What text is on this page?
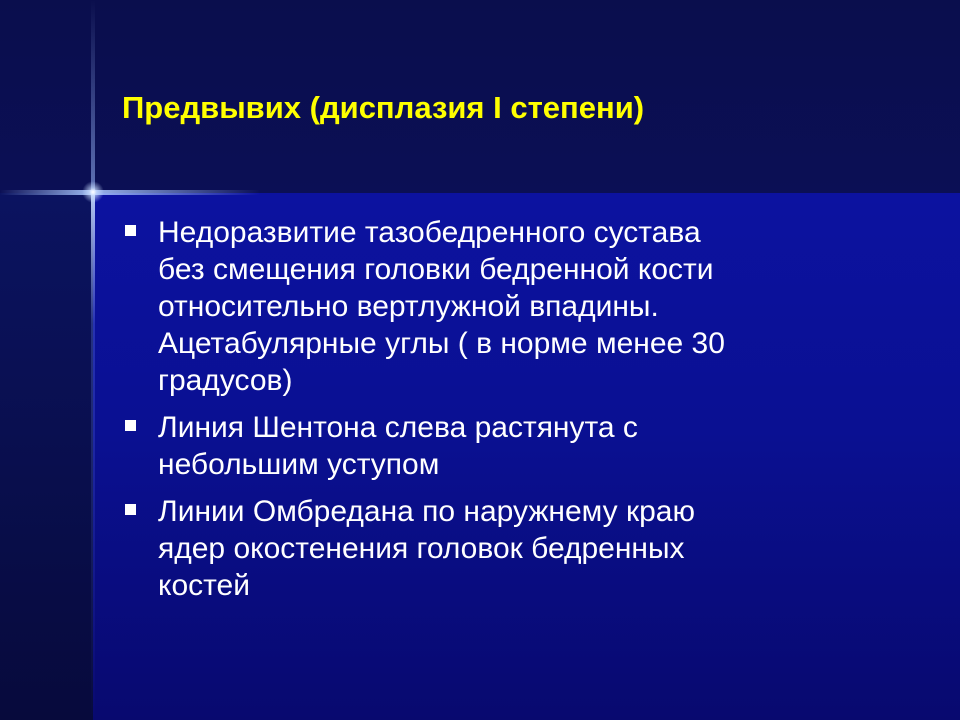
Предвывих (дисплазия I степени)
Недоразвитие тазобедренного сустава
без смещения головки бедренной кости
относительно вертлужной впадины.
Ацетабулярные углы ( в норме менее 30
градусов)
Линия Шентона слева растянута с
небольшим уступом
Линии Омбредана по наружнему краю
ядер окостенения головок бедренных
костей
